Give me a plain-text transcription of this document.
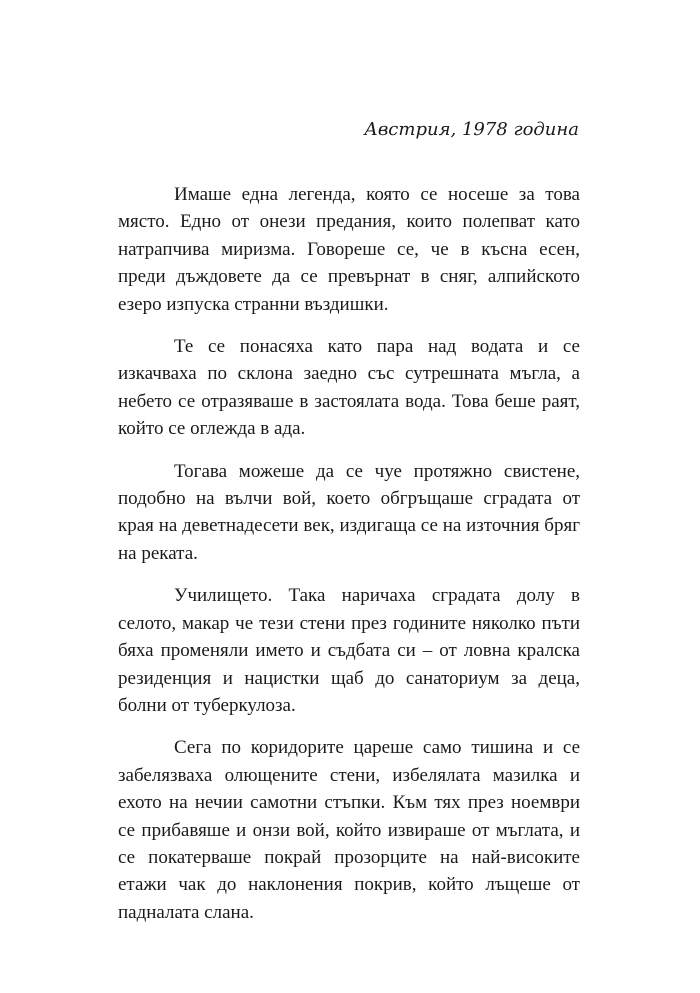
Австрия, 1978 година

Имаше една легенда, която се носеше за това място. Едно от онези предания, които полепват като натрапчива миризма. Говореше се, че в късна есен, преди дъждовете да се превърнат в сняг, алпийското езеро изпуска странни въздишки.

Те се понасяха като пара над водата и се изкачваха по склона заедно със сутрешната мъгла, а небето се отразяваше в застоялата вода. Това беше раят, който се оглежда в ада.

Тогава можеше да се чуе протяжно свистене, подобно на вълчи вой, което обгръщаше сградата от края на деветнадесети век, издигаща се на източния бряг на реката.

Училището. Така наричаха сградата долу в селото, макар че тези стени през годините няколко пъти бяха променяли името и съдбата си – от ловна кралска резиденция и нацистки щаб до санаториум за деца, болни от туберкулоза.

Сега по коридорите цареше само тишина и се забелязваха олющените стени, избелялата мазилка и ехото на нечии самотни стъпки. Към тях през ноември се прибавяше и онзи вой, който извираше от мъглата, и се покатерваше покрай прозорците на най-високите етажи чак до наклонения покрив, който лъщеше от падналата слана.
